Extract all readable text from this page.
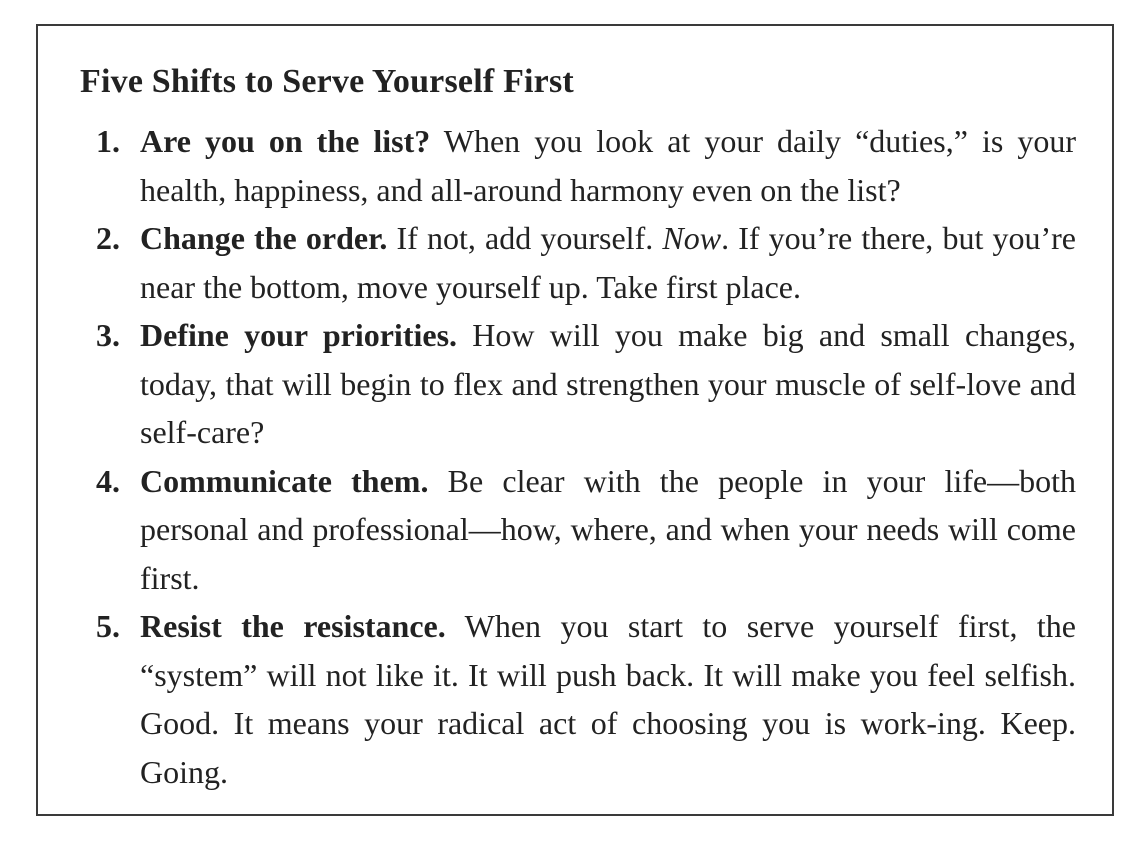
Five Shifts to Serve Yourself First
1. Are you on the list? When you look at your daily “duties,” is your health, happiness, and all-around harmony even on the list?
2. Change the order. If not, add yourself. Now. If you’re there, but you’re near the bottom, move yourself up. Take first place.
3. Define your priorities. How will you make big and small changes, today, that will begin to flex and strengthen your muscle of self-love and self-care?
4. Communicate them. Be clear with the people in your life—both personal and professional—how, where, and when your needs will come first.
5. Resist the resistance. When you start to serve yourself first, the “system” will not like it. It will push back. It will make you feel selfish. Good. It means your radical act of choosing you is work-ing. Keep. Going.
